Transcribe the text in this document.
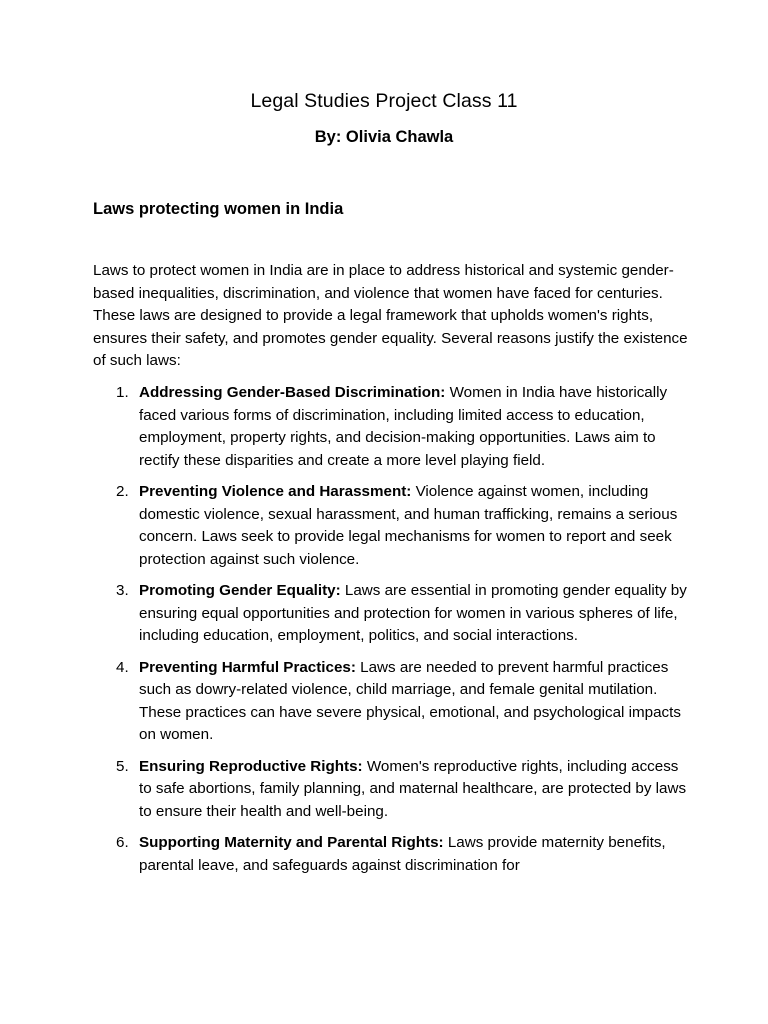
Legal Studies Project Class 11

By: Olivia Chawla

Laws protecting women in India

Laws to protect women in India are in place to address historical and systemic gender-based inequalities, discrimination, and violence that women have faced for centuries. These laws are designed to provide a legal framework that upholds women's rights, ensures their safety, and promotes gender equality. Several reasons justify the existence of such laws:

1. Addressing Gender-Based Discrimination: Women in India have historically faced various forms of discrimination, including limited access to education, employment, property rights, and decision-making opportunities. Laws aim to rectify these disparities and create a more level playing field.
2. Preventing Violence and Harassment: Violence against women, including domestic violence, sexual harassment, and human trafficking, remains a serious concern. Laws seek to provide legal mechanisms for women to report and seek protection against such violence.
3. Promoting Gender Equality: Laws are essential in promoting gender equality by ensuring equal opportunities and protection for women in various spheres of life, including education, employment, politics, and social interactions.
4. Preventing Harmful Practices: Laws are needed to prevent harmful practices such as dowry-related violence, child marriage, and female genital mutilation. These practices can have severe physical, emotional, and psychological impacts on women.
5. Ensuring Reproductive Rights: Women's reproductive rights, including access to safe abortions, family planning, and maternal healthcare, are protected by laws to ensure their health and well-being.
6. Supporting Maternity and Parental Rights: Laws provide maternity benefits, parental leave, and safeguards against discrimination for
